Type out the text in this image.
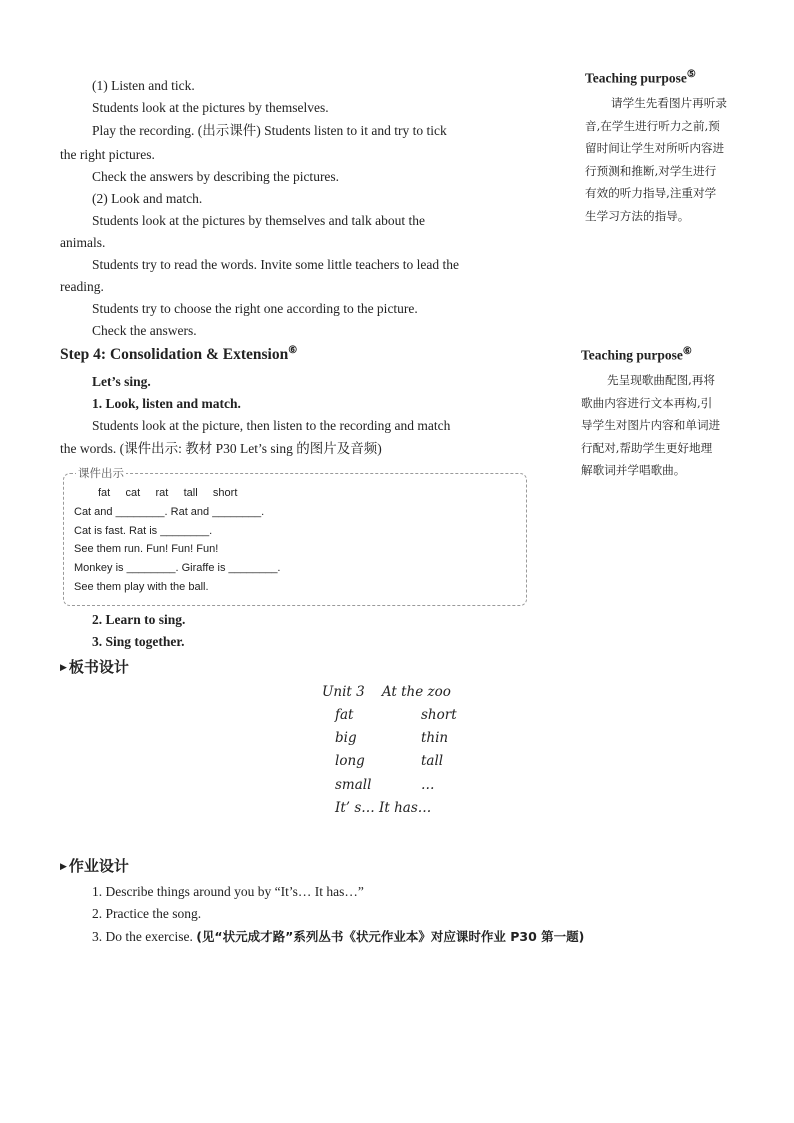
(1) Listen and tick.
Students look at the pictures by themselves.
Play the recording. (出示课件) Students listen to it and try to tick
the right pictures.
Check the answers by describing the pictures.
(2) Look and match.
Students look at the pictures by themselves and talk about the
animals.
Students try to read the words. Invite some little teachers to lead the
reading.
Students try to choose the right one according to the picture.
Check the answers.
Step 4: Consolidation & Extension⑥
Let’s sing.
1. Look, listen and match.
Students look at the picture, then listen to the recording and match
the words. (课件出示: 教材 P30 Let’s sing 的图片及音频)
课件出示
fat     cat     rat     tall     short
Cat and ________. Rat and ________.
Cat is fast. Rat is ________.
See them run. Fun! Fun! Fun!
Monkey is ________. Giraffe is ________.
See them play with the ball.
2. Learn to sing.
3. Sing together.
▶ 板书设计
Unit 3    At the zoo
fat	short
big	thin
long	tall
small	…
It’ s… It has…
▶ 作业设计
1. Describe things around you by “It’s… It has…”
2. Practice the song.
3. Do the exercise. (见“状元成才路”系列丛书《状元作业本》对应课时作业 P30 第一题)
Teaching purpose⑤
请学生先看图片再听录
音,在学生进行听力之前,预
留时间让学生对所听内容进
行预测和推断,对学生进行
有效的听力指导,注重对学
生学习方法的指导。
Teaching purpose⑥
先呈现歌曲配图,再将
歌曲内容进行文本再构,引
导学生对图片内容和单词进
行配对,帮助学生更好地理
解歌词并学唱歌曲。
